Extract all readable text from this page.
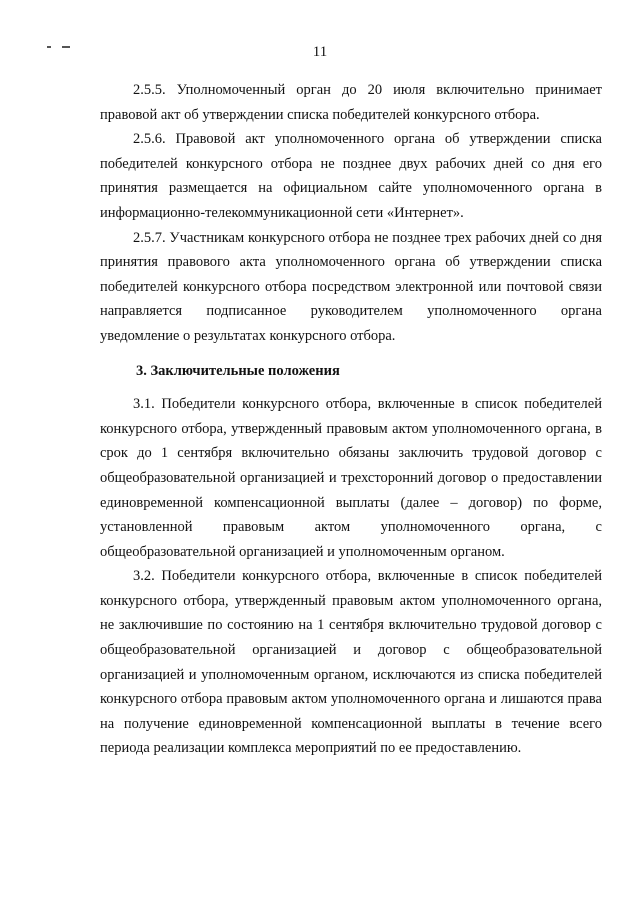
11

2.5.5. Уполномоченный орган до 20 июля включительно принимает правовой акт об утверждении списка победителей конкурсного отбора.

2.5.6. Правовой акт уполномоченного органа об утверждении списка победителей конкурсного отбора не позднее двух рабочих дней со дня его принятия размещается на официальном сайте уполномоченного органа в информационно-телекоммуникационной сети «Интернет».

2.5.7. Участникам конкурсного отбора не позднее трех рабочих дней со дня принятия правового акта уполномоченного органа об утверждении списка победителей конкурсного отбора посредством электронной или почтовой связи направляется подписанное руководителем уполномоченного органа уведомление о результатах конкурсного отбора.

3. Заключительные положения

3.1. Победители конкурсного отбора, включенные в список победителей конкурсного отбора, утвержденный правовым актом уполномоченного органа, в срок до 1 сентября включительно обязаны заключить трудовой договор с общеобразовательной организацией и трехсторонний договор о предоставлении единовременной компенсационной выплаты (далее – договор) по форме, установленной правовым актом уполномоченного органа, с общеобразовательной организацией и уполномоченным органом.

3.2. Победители конкурсного отбора, включенные в список победителей конкурсного отбора, утвержденный правовым актом уполномоченного органа, не заключившие по состоянию на 1 сентября включительно трудовой договор с общеобразовательной организацией и договор с общеобразовательной организацией и уполномоченным органом, исключаются из списка победителей конкурсного отбора правовым актом уполномоченного органа и лишаются права на получение единовременной компенсационной выплаты в течение всего периода реализации комплекса мероприятий по ее предоставлению.
